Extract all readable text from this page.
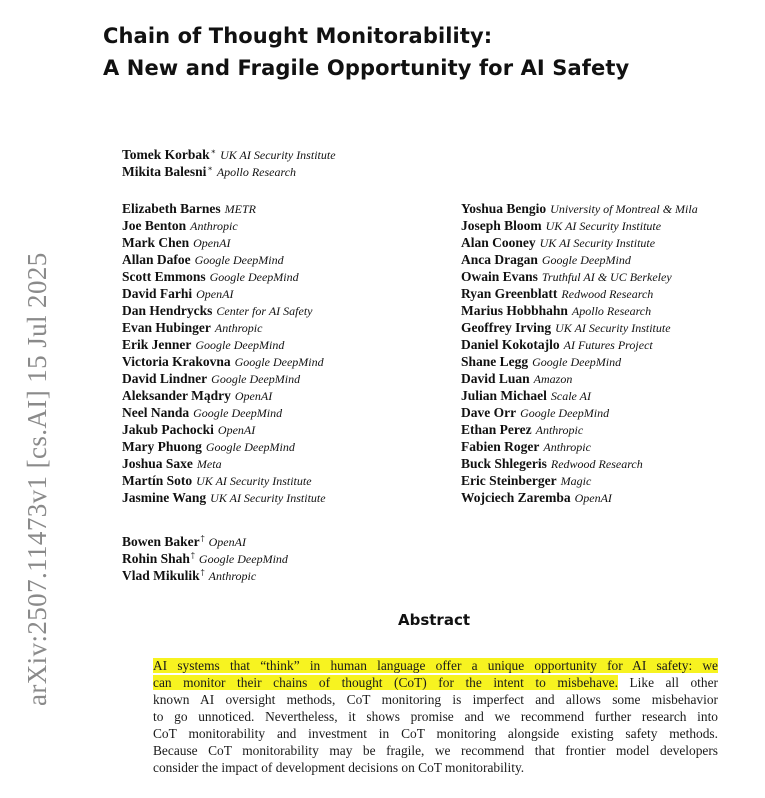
Chain of Thought Monitorability:
A New and Fragile Opportunity for AI Safety
arXiv:2507.11473v1 [cs.AI] 15 Jul 2025
Tomek Korbak∗ UK AI Security Institute
Mikita Balesni∗ Apollo Research
Elizabeth Barnes METR
Joe Benton Anthropic
Mark Chen OpenAI
Allan Dafoe Google DeepMind
Scott Emmons Google DeepMind
David Farhi OpenAI
Dan Hendrycks Center for AI Safety
Evan Hubinger Anthropic
Erik Jenner Google DeepMind
Victoria Krakovna Google DeepMind
David Lindner Google DeepMind
Aleksander Mądry OpenAI
Neel Nanda Google DeepMind
Jakub Pachocki OpenAI
Mary Phuong Google DeepMind
Joshua Saxe Meta
Martín Soto UK AI Security Institute
Jasmine Wang UK AI Security Institute
Yoshua Bengio University of Montreal & Mila
Joseph Bloom UK AI Security Institute
Alan Cooney UK AI Security Institute
Anca Dragan Google DeepMind
Owain Evans Truthful AI & UC Berkeley
Ryan Greenblatt Redwood Research
Marius Hobbhahn Apollo Research
Geoffrey Irving UK AI Security Institute
Daniel Kokotajlo AI Futures Project
Shane Legg Google DeepMind
David Luan Amazon
Julian Michael Scale AI
Dave Orr Google DeepMind
Ethan Perez Anthropic
Fabien Roger Anthropic
Buck Shlegeris Redwood Research
Eric Steinberger Magic
Wojciech Zaremba OpenAI
Bowen Baker† OpenAI
Rohin Shah† Google DeepMind
Vlad Mikulik† Anthropic
Abstract
AI systems that “think” in human language offer a unique opportunity for AI safety: we
can monitor their chains of thought (CoT) for the intent to misbehave. Like all other
known AI oversight methods, CoT monitoring is imperfect and allows some misbehavior
to go unnoticed. Nevertheless, it shows promise and we recommend further research into
CoT monitorability and investment in CoT monitoring alongside existing safety methods.
Because CoT monitorability may be fragile, we recommend that frontier model developers
consider the impact of development decisions on CoT monitorability.
